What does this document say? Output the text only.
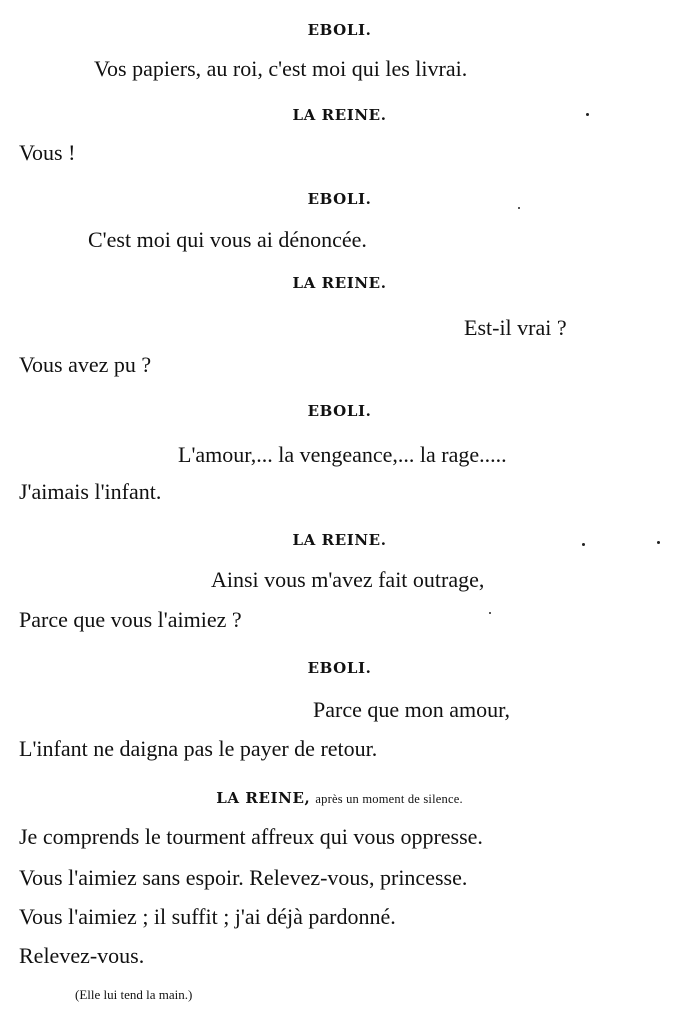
EBOLI.
Vos papiers, au roi, c'est moi qui les livrai.
LA REINE.
Vous !
EBOLI.
C'est moi qui vous ai dénoncée.
LA REINE.
Est-il vrai ?
Vous avez pu ?
EBOLI.
L'amour,... la vengeance,... la rage.....
J'aimais l'infant.
LA REINE.
Ainsi vous m'avez fait outrage,
Parce que vous l'aimiez ?
EBOLI.
Parce que mon amour,
L'infant ne daigna pas le payer de retour.
LA REINE, après un moment de silence.
Je comprends le tourment affreux qui vous oppresse.
Vous l'aimiez sans espoir. Relevez-vous, princesse.
Vous l'aimiez ; il suffit ; j'ai déjà pardonné.
Relevez-vous.
(Elle lui tend la main.)
